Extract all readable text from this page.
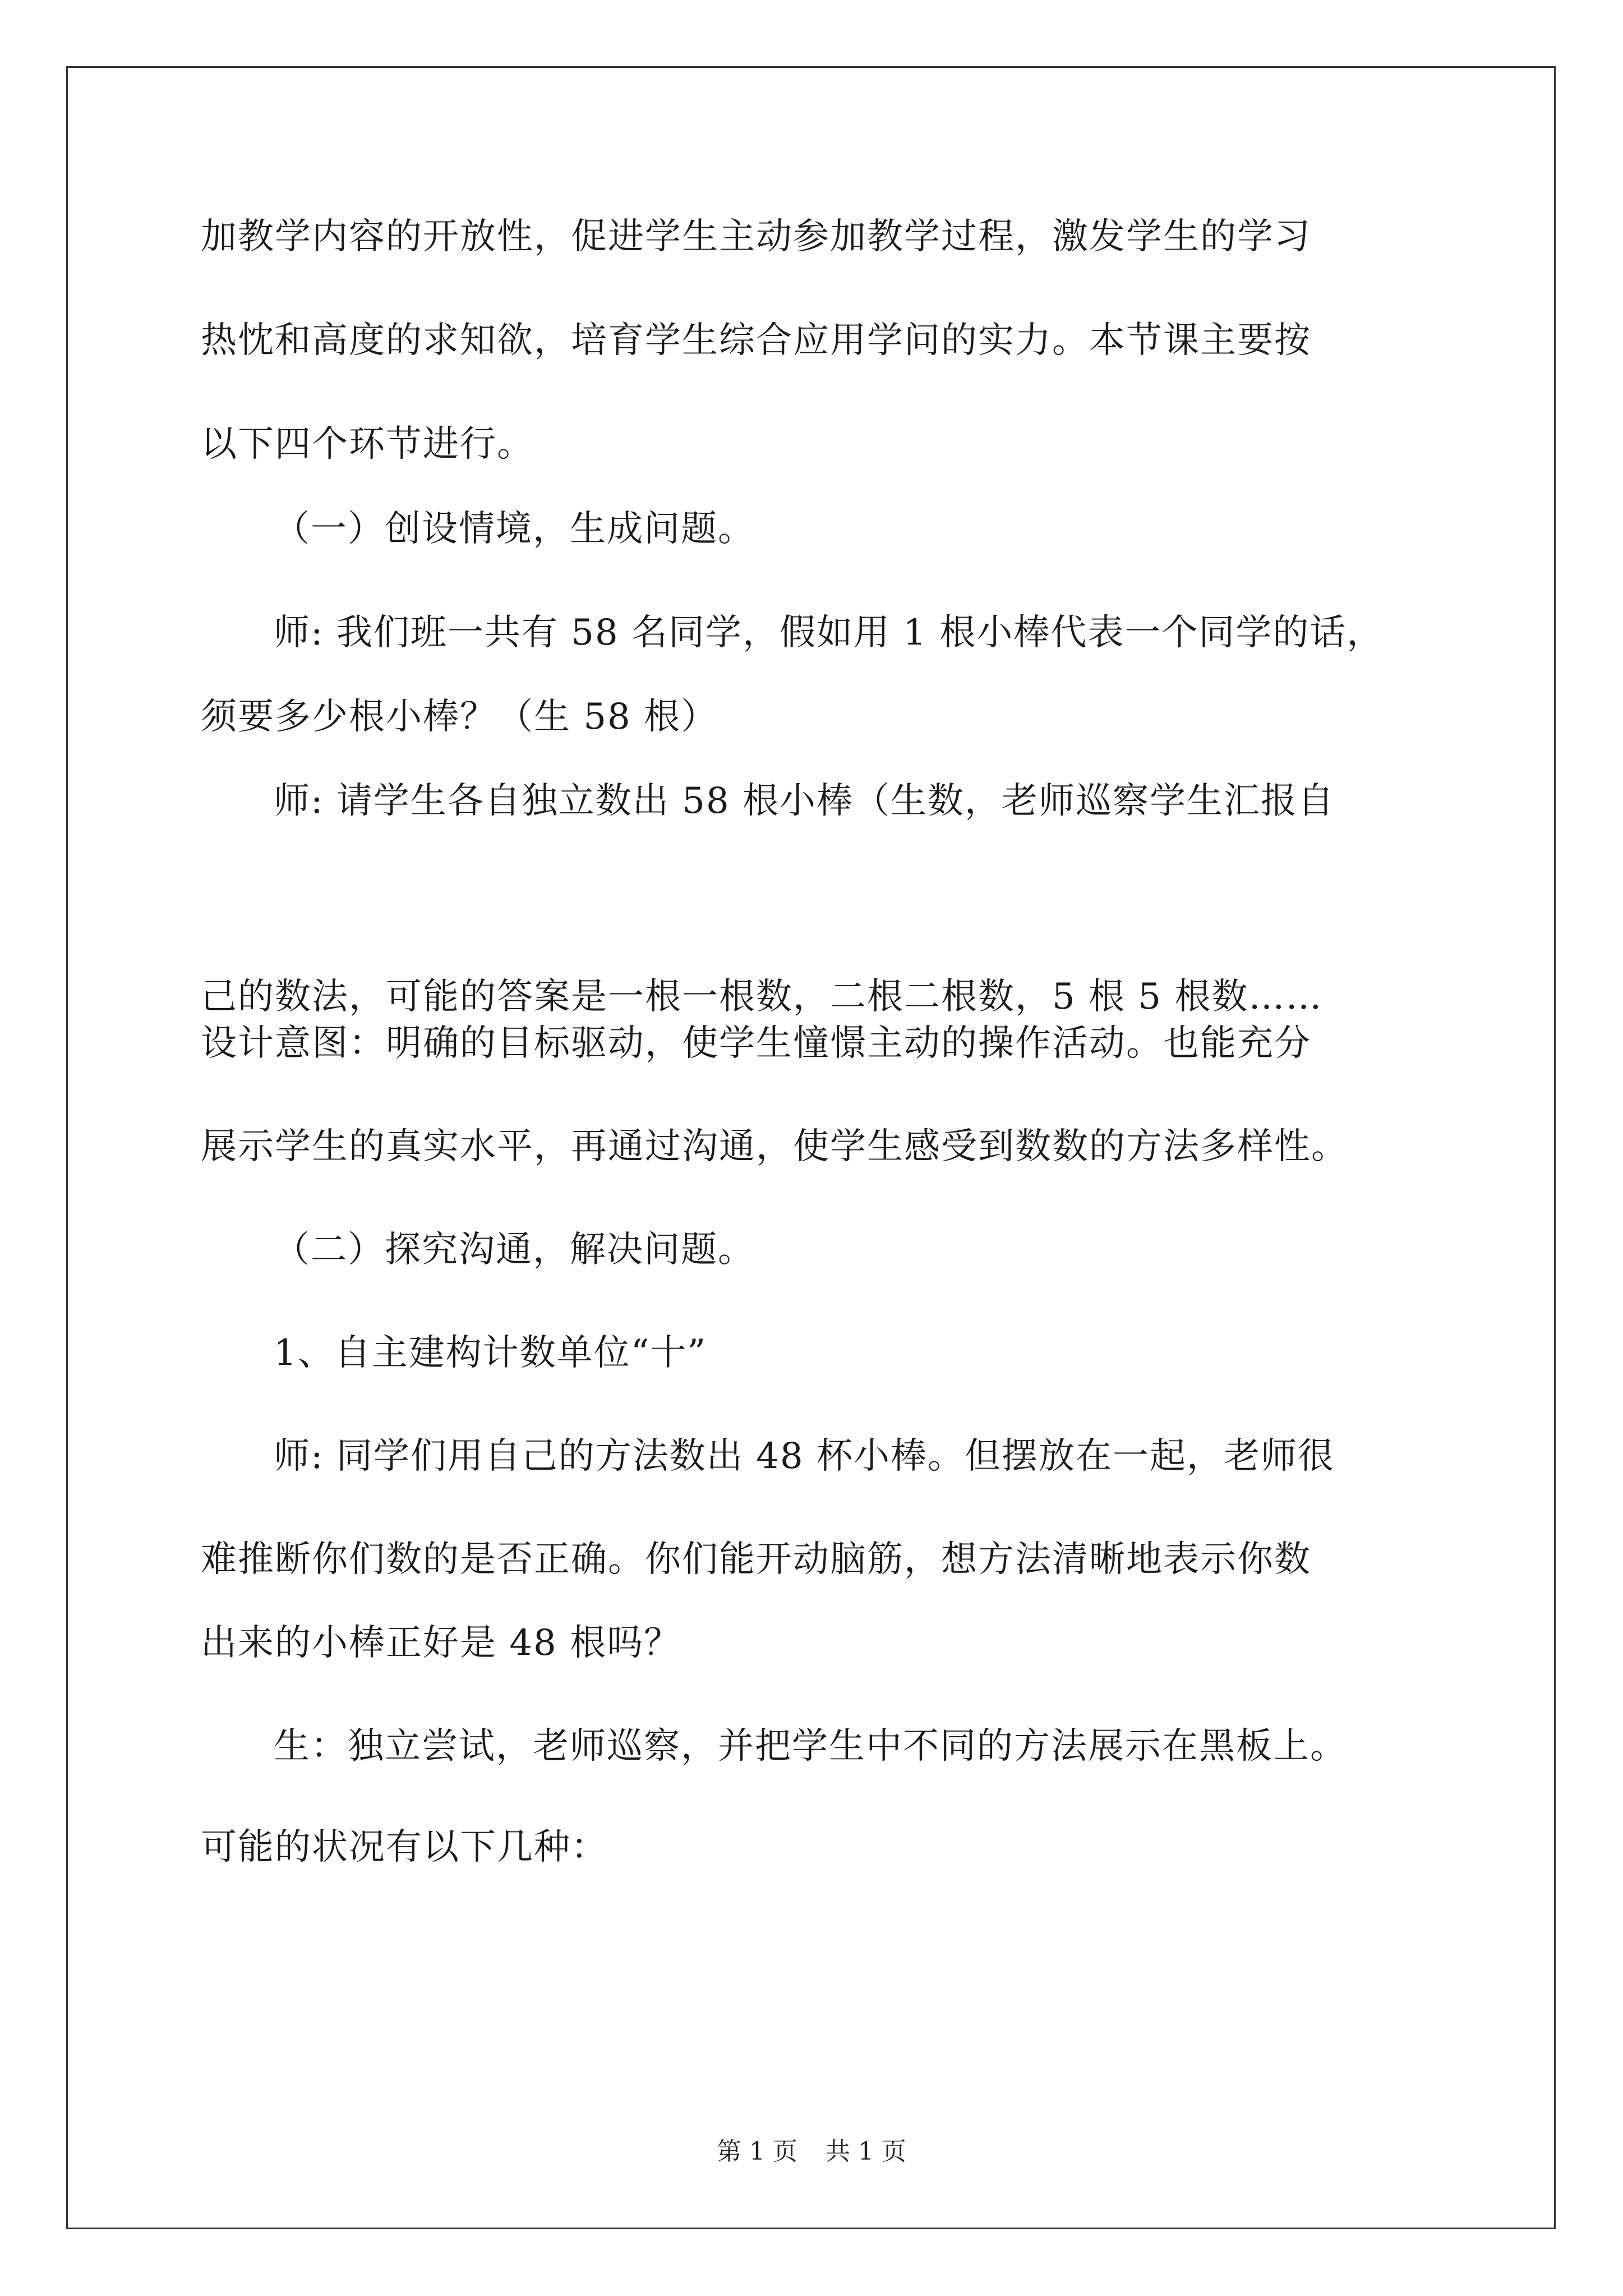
加教学内容的开放性，促进学生主动参加教学过程，激发学生的学习
热忱和高度的求知欲，培育学生综合应用学问的实力。本节课主要按
以下四个环节进行。
（一）创设情境，生成问题。
师: 我们班一共有 58 名同学，假如用 1 根小棒代表一个同学的话，
须要多少根小棒？（生 58 根）
师: 请学生各自独立数出 58 根小棒（生数，老师巡察学生汇报自
己的数法，可能的答案是一根一根数，二根二根数，5 根 5 根数……
设计意图：明确的目标驱动，使学生憧憬主动的操作活动。也能充分
展示学生的真实水平，再通过沟通，使学生感受到数数的方法多样性。
（二）探究沟通，解决问题。
1、自主建构计数单位“十”
师: 同学们用自己的方法数出 48 杯小棒。但摆放在一起，老师很
难推断你们数的是否正确。你们能开动脑筋，想方法清晰地表示你数
出来的小棒正好是 48 根吗？
生：独立尝试，老师巡察，并把学生中不同的方法展示在黑板上。
可能的状况有以下几种：
第 1 页 共 1 页
